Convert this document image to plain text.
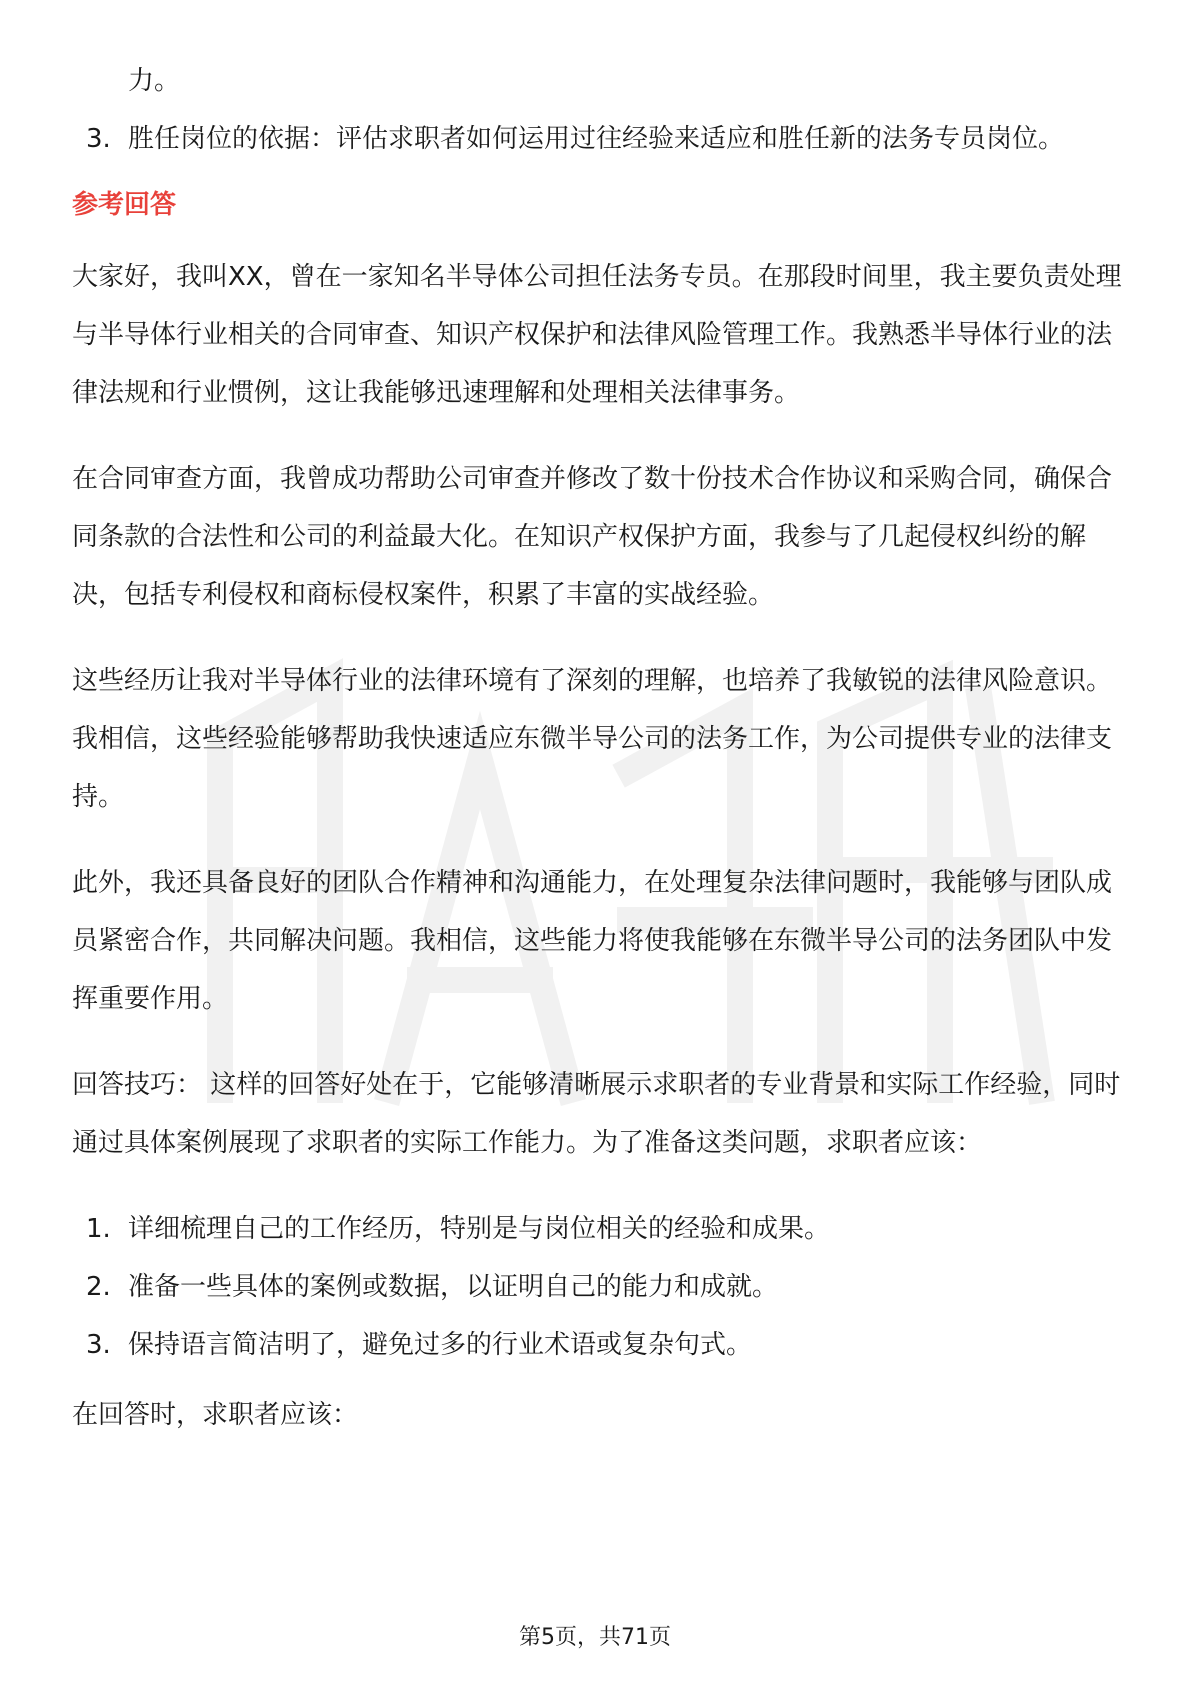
力。
3. 胜任岗位的依据：评估求职者如何运用过往经验来适应和胜任新的法务专员岗位。
参考回答

大家好，我叫XX，曾在一家知名半导体公司担任法务专员。在那段时间里，我主要负责处理与半导体行业相关的合同审查、知识产权保护和法律风险管理工作。我熟悉半导体行业的法律法规和行业惯例，这让我能够迅速理解和处理相关法律事务。

在合同审查方面，我曾成功帮助公司审查并修改了数十份技术合作协议和采购合同，确保合同条款的合法性和公司的利益最大化。在知识产权保护方面，我参与了几起侵权纠纷的解决，包括专利侵权和商标侵权案件，积累了丰富的实战经验。

这些经历让我对半导体行业的法律环境有了深刻的理解，也培养了我敏锐的法律风险意识。我相信，这些经验能够帮助我快速适应东微半导公司的法务工作，为公司提供专业的法律支持。

此外，我还具备良好的团队合作精神和沟通能力，在处理复杂法律问题时，我能够与团队成员紧密合作，共同解决问题。我相信，这些能力将使我能够在东微半导公司的法务团队中发挥重要作用。

回答技巧： 这样的回答好处在于，它能够清晰展示求职者的专业背景和实际工作经验，同时通过具体案例展现了求职者的实际工作能力。为了准备这类问题，求职者应该：

1. 详细梳理自己的工作经历，特别是与岗位相关的经验和成果。
2. 准备一些具体的案例或数据，以证明自己的能力和成就。
3. 保持语言简洁明了，避免过多的行业术语或复杂句式。

在回答时，求职者应该：

第5页，共71页
